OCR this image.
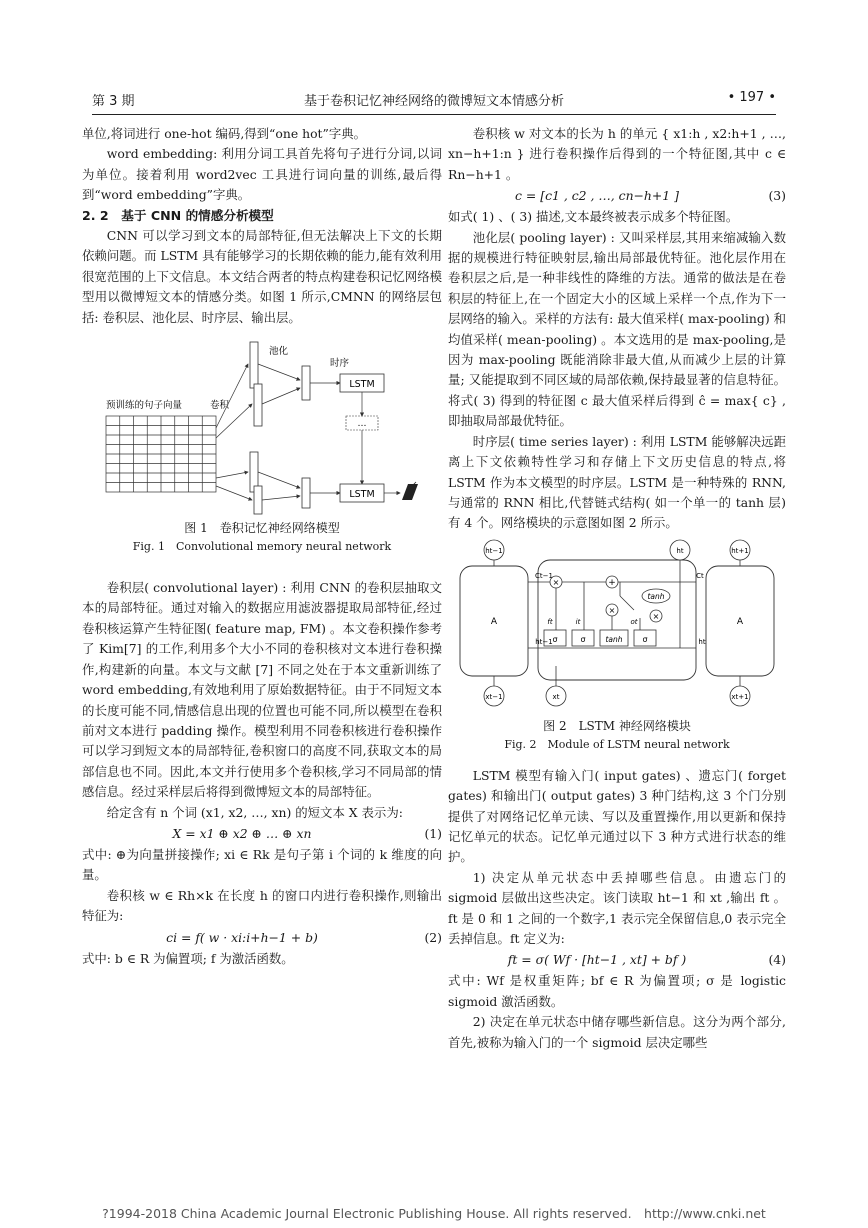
第 3 期	基于卷积记忆神经网络的微博短文本情感分析	• 197 •

单位,将词进行 one-hot 编码,得到“one hot”字典。

word embedding: 利用分词工具首先将句子进行分词,以词为单位。接着利用 word2vec 工具进行词向量的训练,最后得到“word embedding”字典。

2. 2　基于 CNN 的情感分析模型

CNN 可以学习到文本的局部特征,但无法解决上下文的长期依赖问题。而 LSTM 具有能够学习的长期依赖的能力,能有效利用很宽范围的上下文信息。本文结合两者的特点构建卷积记忆网络模型用以微博短文本的情感分类。如图 1 所示,CMNN 的网络层包括: 卷积层、池化层、时序层、输出层。

预训练的句子向量	卷积
池化
时序
LSTM
LSTM
…
图 1　卷积记忆神经网络模型
Fig. 1　Convolutional memory neural network

卷积层( convolutional layer) : 利用 CNN 的卷积层抽取文本的局部特征。通过对输入的数据应用滤波器提取局部特征,经过卷积核运算产生特征图( feature map, FM) 。本文卷积操作参考了 Kim[7] 的工作,利用多个大小不同的卷积核对文本进行卷积操作,构建新的向量。本文与文献 [7] 不同之处在于本文重新训练了 word embedding,有效地利用了原始数据特征。由于不同短文本的长度可能不同,情感信息出现的位置也可能不同,所以模型在卷积前对文本进行 padding 操作。模型利用不同卷积核进行卷积操作可以学习到短文本的局部特征,卷积窗口的高度不同,获取文本的局部信息也不同。因此,本文并行使用多个卷积核,学习不同局部的情感信息。经过采样层后将得到微博短文本的局部特征。

给定含有 n 个词 (x1, x2, …, xn) 的短文本 X 表示为:

X = x1 ⊕ x2 ⊕ … ⊕ xn	(1)

式中: ⊕为向量拼接操作; xi ∈ Rk 是句子第 i 个词的 k 维度的向量。

卷积核 w ∈ Rh×k 在长度 h 的窗口内进行卷积操作,则输出特征为:

ci = f( w · xi:i+h−1 + b)	(2)

式中: b ∈ R 为偏置项; f 为激活函数。

卷积核 w 对文本的长为 h 的单元 { x1:h , x2:h+1 , …, xn−h+1:n } 进行卷积操作后得到的一个特征图,其中 c ∈ Rn−h+1 。

c = [c1 , c2 , …, cn−h+1 ]	(3)

如式( 1) 、( 3) 描述,文本最终被表示成多个特征图。

池化层( pooling layer) : 又叫采样层,其用来缩减输入数据的规模进行特征映射层,输出局部最优特征。池化层作用在卷积层之后,是一种非线性的降维的方法。通常的做法是在卷积层的特征上,在一个固定大小的区域上采样一个点,作为下一层网络的输入。采样的方法有: 最大值采样( max-pooling) 和均值采样( mean-pooling) 。本文选用的是 max-pooling,是因为 max-pooling 既能消除非最大值,从而减少上层的计算量; 又能提取到不同区域的局部依赖,保持最显著的信息特征。将式( 3) 得到的特征图 c 最大值采样后得到 ĉ = max{ c} , 即抽取局部最优特征。

时序层( time series layer) : 利用 LSTM 能够解决远距离上下文依赖特性学习和存储上下文历史信息的特点,将 LSTM 作为本文模型的时序层。LSTM 是一种特殊的 RNN,与通常的 RNN 相比,代替链式结构( 如一个单一的 tanh 层) 有 4 个。网络模块的示意图如图 2 所示。

A	A
ht−1	ht	ht+1
xt−1	xt	xt+1
Ct−1	Ct
ht−1	ht
×	+
×
×
tanh
σ	σ	tanh σ
ft	it	ot
图 2　LSTM 神经网络模块
Fig. 2　Module of LSTM neural network

LSTM 模型有输入门( input gates) 、遗忘门( forget gates) 和输出门( output gates) 3 种门结构,这 3 个门分别提供了对网络记忆单元读、写以及重置操作,用以更新和保持记忆单元的状态。记忆单元通过以下 3 种方式进行状态的维护。

1) 决定从单元状态中丢掉哪些信息。由遗忘门的 sigmoid 层做出这些决定。该门读取 ht−1 和 xt ,输出 ft 。ft 是 0 和 1 之间的一个数字,1 表示完全保留信息,0 表示完全丢掉信息。ft 定义为:

ft = σ( Wf · [ht−1 , xt] + bf )	(4)

式中: Wf 是权重矩阵; bf ∈ R 为偏置项; σ 是 logistic sigmoid 激活函数。

2) 决定在单元状态中储存哪些新信息。这分为两个部分,首先,被称为输入门的一个 sigmoid 层决定哪些

?1994-2018 China Academic Journal Electronic Publishing House. All rights reserved.　http://www.cnki.net
